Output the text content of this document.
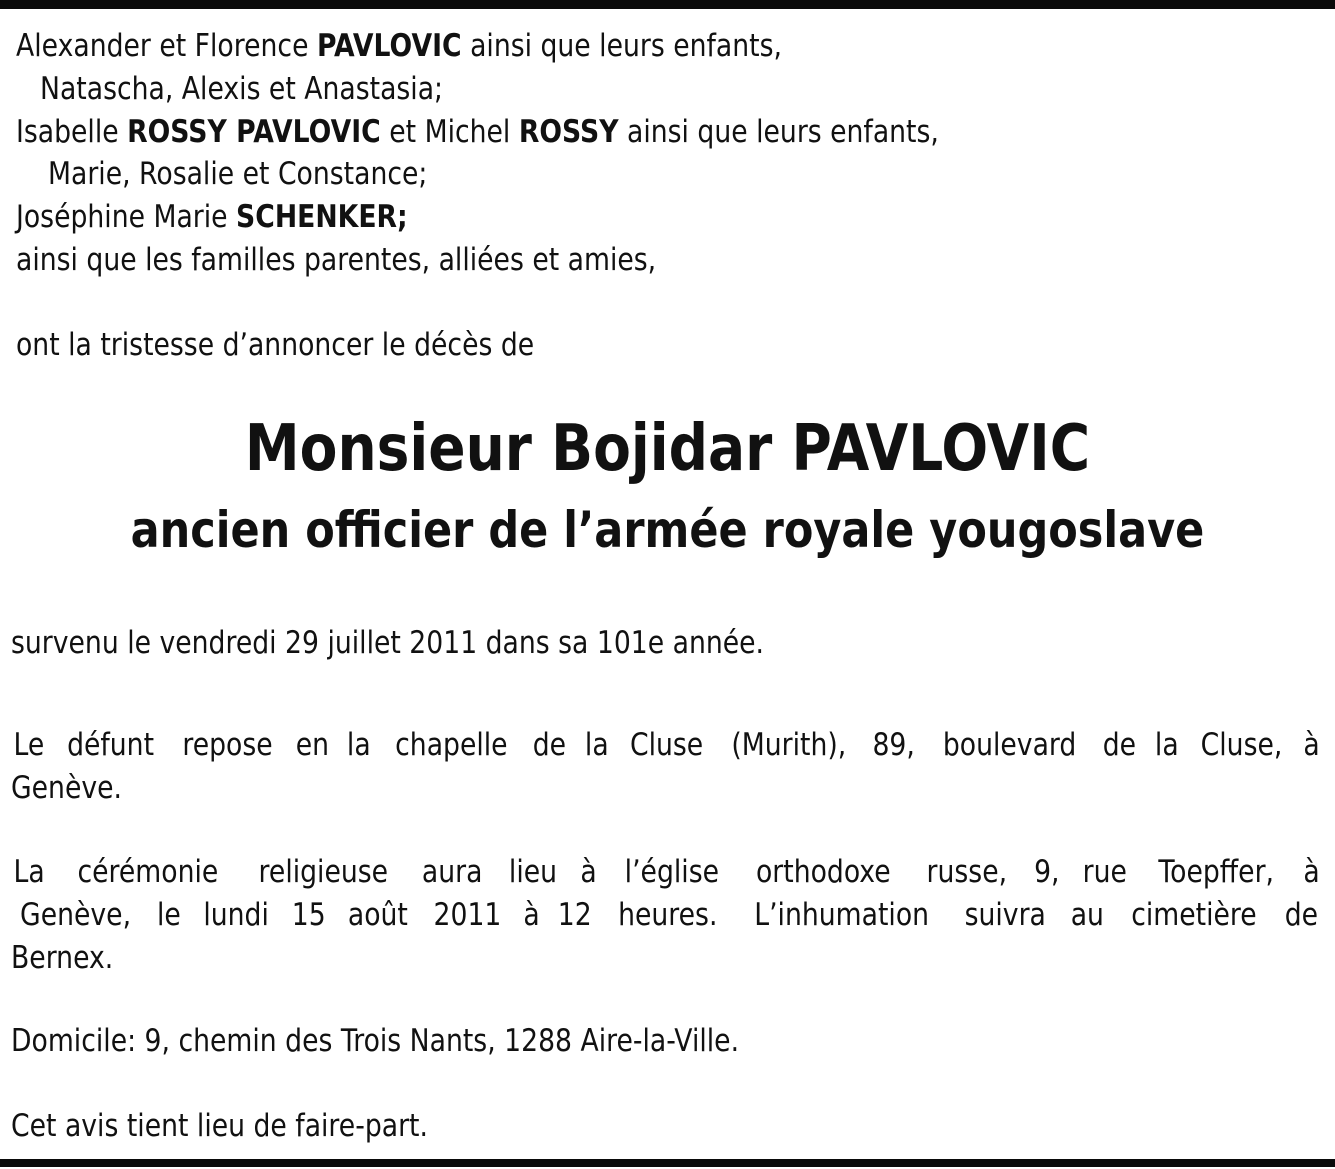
Alexander et Florence PAVLOVIC ainsi que leurs enfants,
Natascha, Alexis et Anastasia;
Isabelle ROSSY PAVLOVIC et Michel ROSSY ainsi que leurs enfants,
Marie, Rosalie et Constance;
Joséphine Marie SCHENKER;
ainsi que les familles parentes, alliées et amies,
ont la tristesse d’annoncer le décès de
Monsieur Bojidar PAVLOVIC
ancien officier de l’armée royale yougoslave
survenu le vendredi 29 juillet 2011 dans sa 101e année.
Le défunt repose en la chapelle de la Cluse (Murith), 89, boulevard de la Cluse, à
Genève.
La cérémonie religieuse aura lieu à l’église orthodoxe russe, 9, rue Toepffer, à
Genève, le lundi 15 août 2011 à 12 heures. L’inhumation suivra au cimetière de
Bernex.
Domicile: 9, chemin des Trois Nants, 1288 Aire-la-Ville.
Cet avis tient lieu de faire-part.
